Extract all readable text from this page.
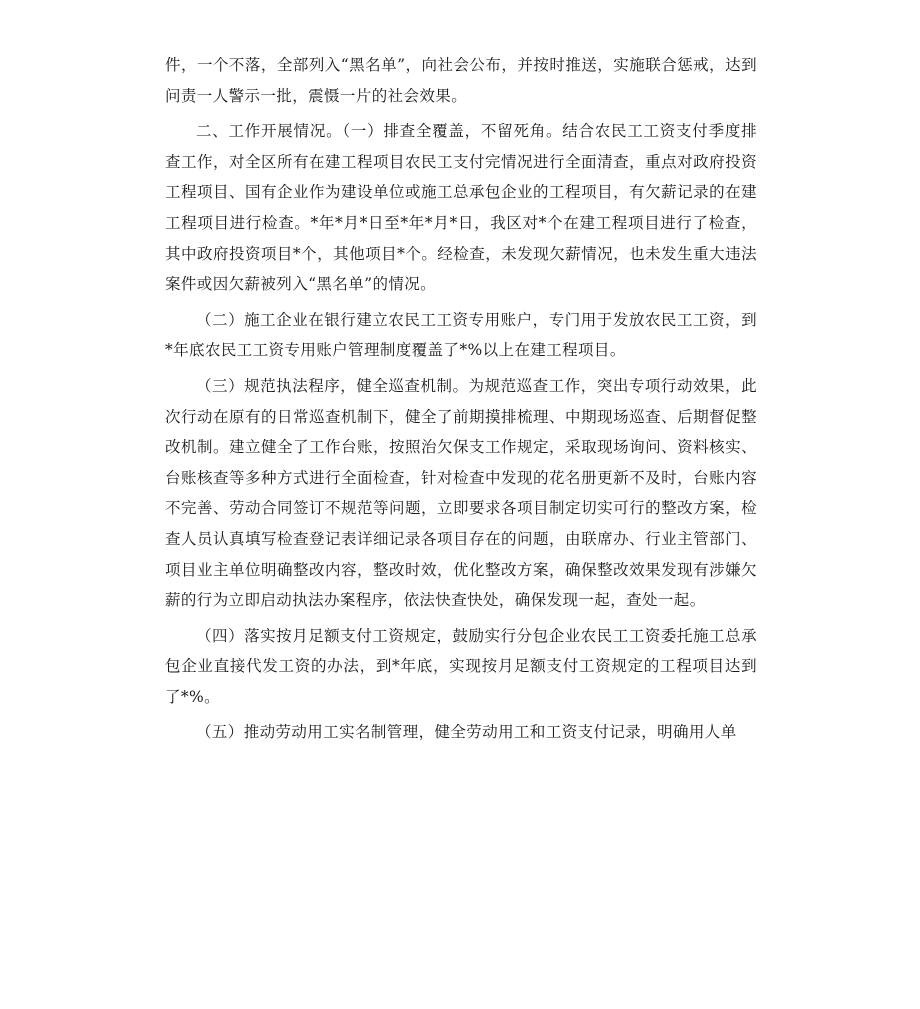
件，一个不落，全部列入“黑名单”，向社会公布，并按时推送，实施联合惩戒，达到问责一人警示一批，震慑一片的社会效果。

二、工作开展情况。（一）排查全覆盖，不留死角。结合农民工工资支付季度排查工作，对全区所有在建工程项目农民工支付完情况进行全面清查，重点对政府投资工程项目、国有企业作为建设单位或施工总承包企业的工程项目，有欠薪记录的在建工程项目进行检查。*年*月*日至*年*月*日，我区对*个在建工程项目进行了检查，其中政府投资项目*个，其他项目*个。经检查，未发现欠薪情况，也未发生重大违法案件或因欠薪被列入“黑名单”的情况。

（二）施工企业在银行建立农民工工资专用账户，专门用于发放农民工工资，到*年底农民工工资专用账户管理制度覆盖了*%以上在建工程项目。

（三）规范执法程序，健全巡查机制。为规范巡查工作，突出专项行动效果，此次行动在原有的日常巡查机制下，健全了前期摸排梳理、中期现场巡查、后期督促整改机制。建立健全了工作台账，按照治欠保支工作规定，采取现场询问、资料核实、台账核查等多种方式进行全面检查，针对检查中发现的花名册更新不及时，台账内容不完善、劳动合同签订不规范等问题，立即要求各项目制定切实可行的整改方案，检查人员认真填写检查登记表详细记录各项目存在的问题，由联席办、行业主管部门、项目业主单位明确整改内容，整改时效，优化整改方案，确保整改效果发现有涉嫌欠薪的行为立即启动执法办案程序，依法快查快处，确保发现一起，查处一起。

（四）落实按月足额支付工资规定，鼓励实行分包企业农民工工资委托施工总承包企业直接代发工资的办法，到*年底，实现按月足额支付工资规定的工程项目达到了*%。

（五）推动劳动用工实名制管理，健全劳动用工和工资支付记录，明确用人单
